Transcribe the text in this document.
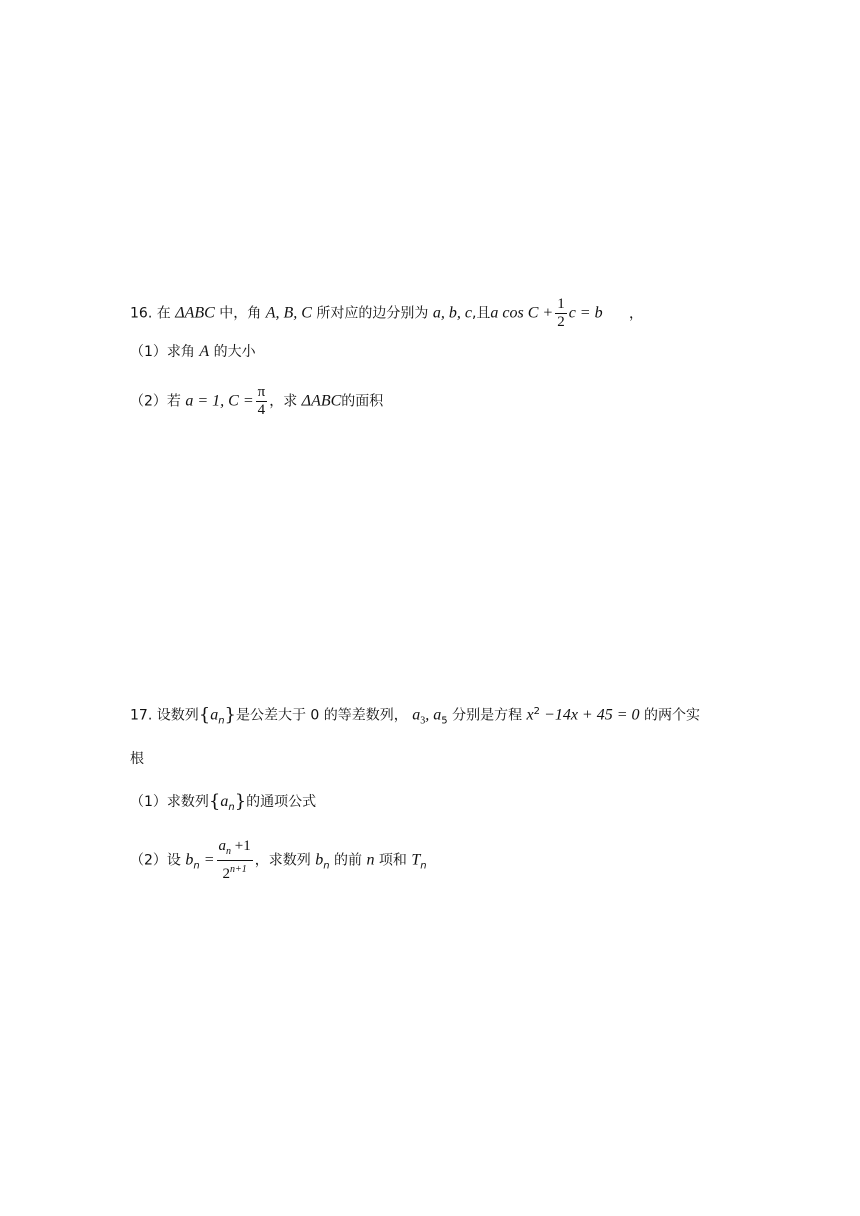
16. 在 ΔABC 中，角 A, B, C 所对应的边分别为 a, b, c,且a $\cos C + \frac{1}{2}$ c = b ，
（1）求角 A 的大小
（2）若 a = 1, $C = \frac{\pi}{4}$ ，求 ΔABC的面积
17. 设数列$\{a_n\}$是公差大于 0 的等差数列， $a_3$, $a_5$ 分别是方程 $x^2 -14x + 45 = 0$ 的两个实
根
（1）求数列$\{a_n\}$的通项公式
（2）设 $b_n = \frac{a_n +1}{2^{n+1}}$ ，求数列 $b_n$ 的前 n 项和 $T_n$
